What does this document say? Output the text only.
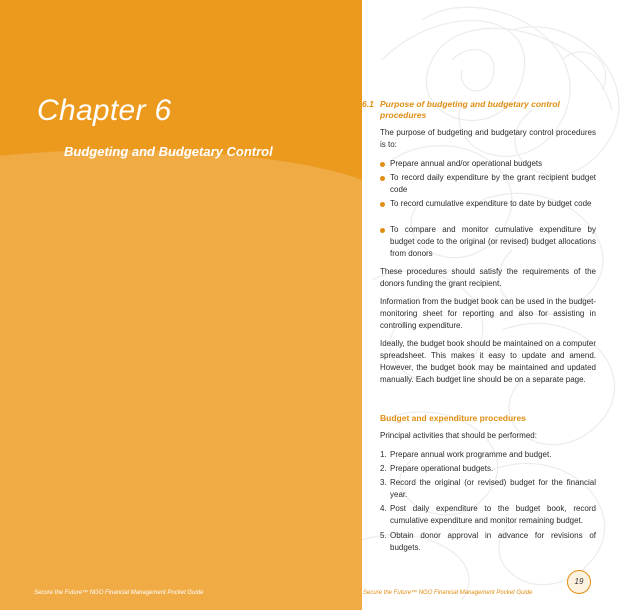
Chapter 6
Budgeting and Budgetary Control
Secure the Future™ NGO Financial Management Pocket Guide
6.1 Purpose of budgeting and budgetary control
procedures
The purpose of budgeting and budgetary control procedures is to:
Prepare annual and/or operational budgets
To record daily expenditure by the grant recipient budget code
To record cumulative expenditure to date by budget code
To compare and monitor cumulative expenditure by budget code to the original (or revised) budget allocations from donors
These procedures should satisfy the requirements of the donors funding the grant recipient.
Information from the budget book can be used in the budget-monitoring sheet for reporting and also for assisting in controlling expenditure.
Ideally, the budget book should be maintained on a computer spreadsheet. This makes it easy to update and amend. However, the budget book may be maintained and updated manually. Each budget line should be on a separate page.
Budget and expenditure procedures
Principal activities that should be performed:
1. Prepare annual work programme and budget.
2. Prepare operational budgets.
3. Record the original (or revised) budget for the financial year.
4. Post daily expenditure to the budget book, record cumulative expenditure and monitor remaining budget.
5. Obtain donor approval in advance for revisions of budgets.
19
Secure the Future™ NGO Financial Management Pocket Guide
